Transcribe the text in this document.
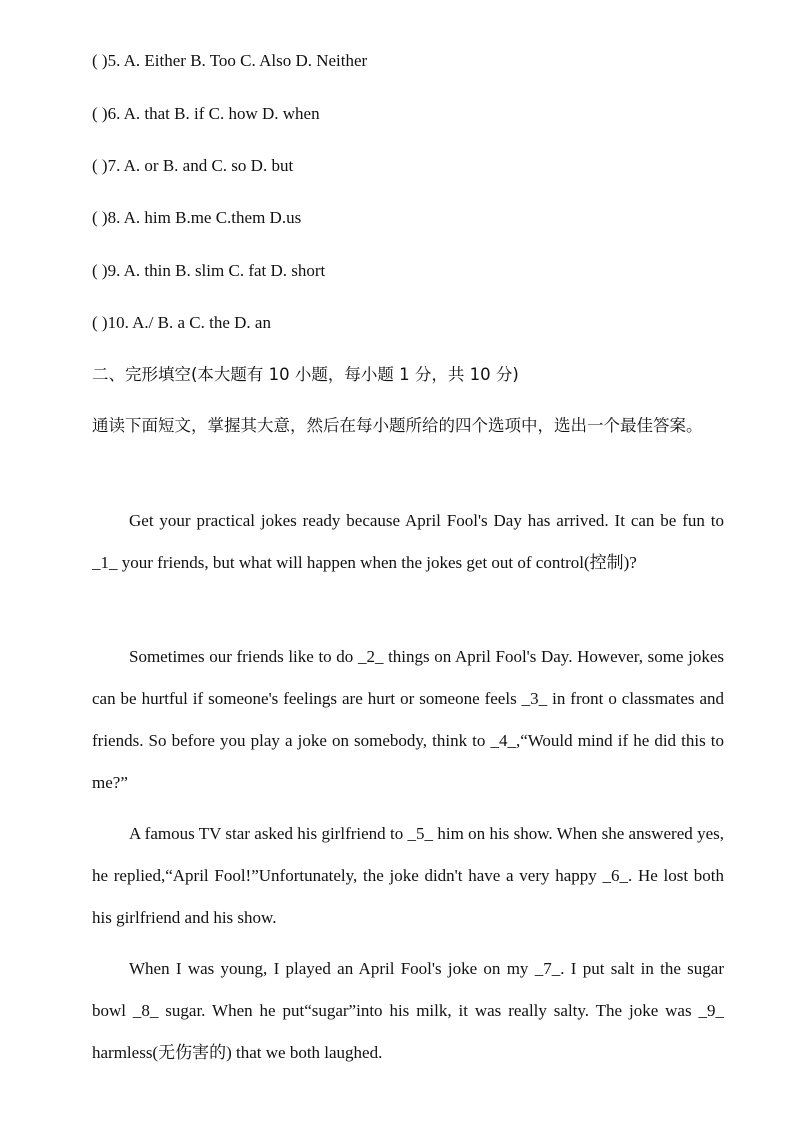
( )5. A. Either B. Too C. Also D. Neither
( )6. A. that B. if C. how D. when
( )7. A. or B. and C. so D. but
( )8. A. him B.me C.them D.us
( )9. A. thin B. slim C. fat D. short
( )10. A./ B. a C. the D. an
二、完形填空(本大题有 10 小题，每小题 1 分，共 10 分)

通读下面短文，掌握其大意，然后在每小题所给的四个选项中，选出一个最佳答案。

Get your practical jokes ready because April Fool's Day has arrived. It can be fun to _1_ your friends, but what will happen when the jokes get out of control(控制)?

Sometimes our friends like to do _2_ things on April Fool's Day. However, some jokes can be hurtful if someone's feelings are hurt or someone feels _3_ in front o classmates and friends. So before you play a joke on somebody, think to _4_,“Would mind if he did this to me?”

A famous TV star asked his girlfriend to _5_ him on his show. When she answered yes, he replied,“April Fool!”Unfortunately, the joke didn't have a very happy _6_. He lost both his girlfriend and his show.

When I was young, I played an April Fool's joke on my _7_. I put salt in the sugar bowl _8_ sugar. When he put“sugar”into his milk, it was really salty. The joke was _9_ harmless(无伤害的) that we both laughed.
